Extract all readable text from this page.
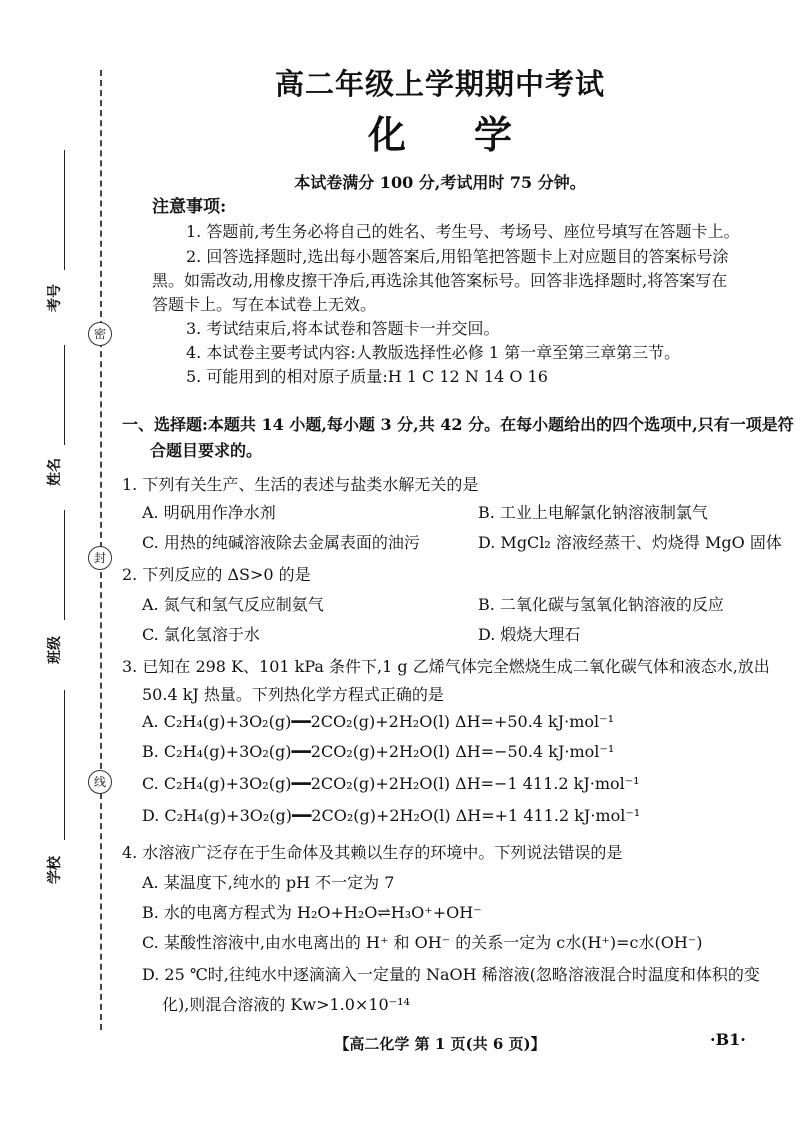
密
封
线
考号
姓名
班级
学校
高二年级上学期期中考试
化 学
本试卷满分 100 分,考试用时 75 分钟。
注意事项:
1. 答题前,考生务必将自己的姓名、考生号、考场号、座位号填写在答题卡上。
2. 回答选择题时,选出每小题答案后,用铅笔把答题卡上对应题目的答案标号涂
黑。如需改动,用橡皮擦干净后,再选涂其他答案标号。回答非选择题时,将答案写在
答题卡上。写在本试卷上无效。
3. 考试结束后,将本试卷和答题卡一并交回。
4. 本试卷主要考试内容:人教版选择性必修 1 第一章至第三章第三节。
5. 可能用到的相对原子质量:H 1 C 12 N 14 O 16
一、选择题:本题共 14 小题,每小题 3 分,共 42 分。在每小题给出的四个选项中,只有一项是符
合题目要求的。
1. 下列有关生产、生活的表述与盐类水解无关的是
A. 明矾用作净水剂	B. 工业上电解氯化钠溶液制氯气
C. 用热的纯碱溶液除去金属表面的油污	D. MgCl₂ 溶液经蒸干、灼烧得 MgO 固体
2. 下列反应的 ΔS>0 的是
A. 氮气和氢气反应制氨气	B. 二氧化碳与氢氧化钠溶液的反应
C. 氯化氢溶于水	D. 煅烧大理石
3. 已知在 298 K、101 kPa 条件下,1 g 乙烯气体完全燃烧生成二氧化碳气体和液态水,放出
50.4 kJ 热量。下列热化学方程式正确的是
A. C₂H₄(g)+3O₂(g)━━2CO₂(g)+2H₂O(l) ΔH=+50.4 kJ·mol⁻¹
B. C₂H₄(g)+3O₂(g)━━2CO₂(g)+2H₂O(l) ΔH=−50.4 kJ·mol⁻¹
C. C₂H₄(g)+3O₂(g)━━2CO₂(g)+2H₂O(l) ΔH=−1 411.2 kJ·mol⁻¹
D. C₂H₄(g)+3O₂(g)━━2CO₂(g)+2H₂O(l) ΔH=+1 411.2 kJ·mol⁻¹
4. 水溶液广泛存在于生命体及其赖以生存的环境中。下列说法错误的是
A. 某温度下,纯水的 pH 不一定为 7
B. 水的电离方程式为 H₂O+H₂O⇌H₃O⁺+OH⁻
C. 某酸性溶液中,由水电离出的 H⁺ 和 OH⁻ 的关系一定为 c水(H⁺)=c水(OH⁻)
D. 25 ℃时,往纯水中逐滴滴入一定量的 NaOH 稀溶液(忽略溶液混合时温度和体积的变
化),则混合溶液的 Kw>1.0×10⁻¹⁴
【高二化学 第 1 页(共 6 页)】	·B1·
